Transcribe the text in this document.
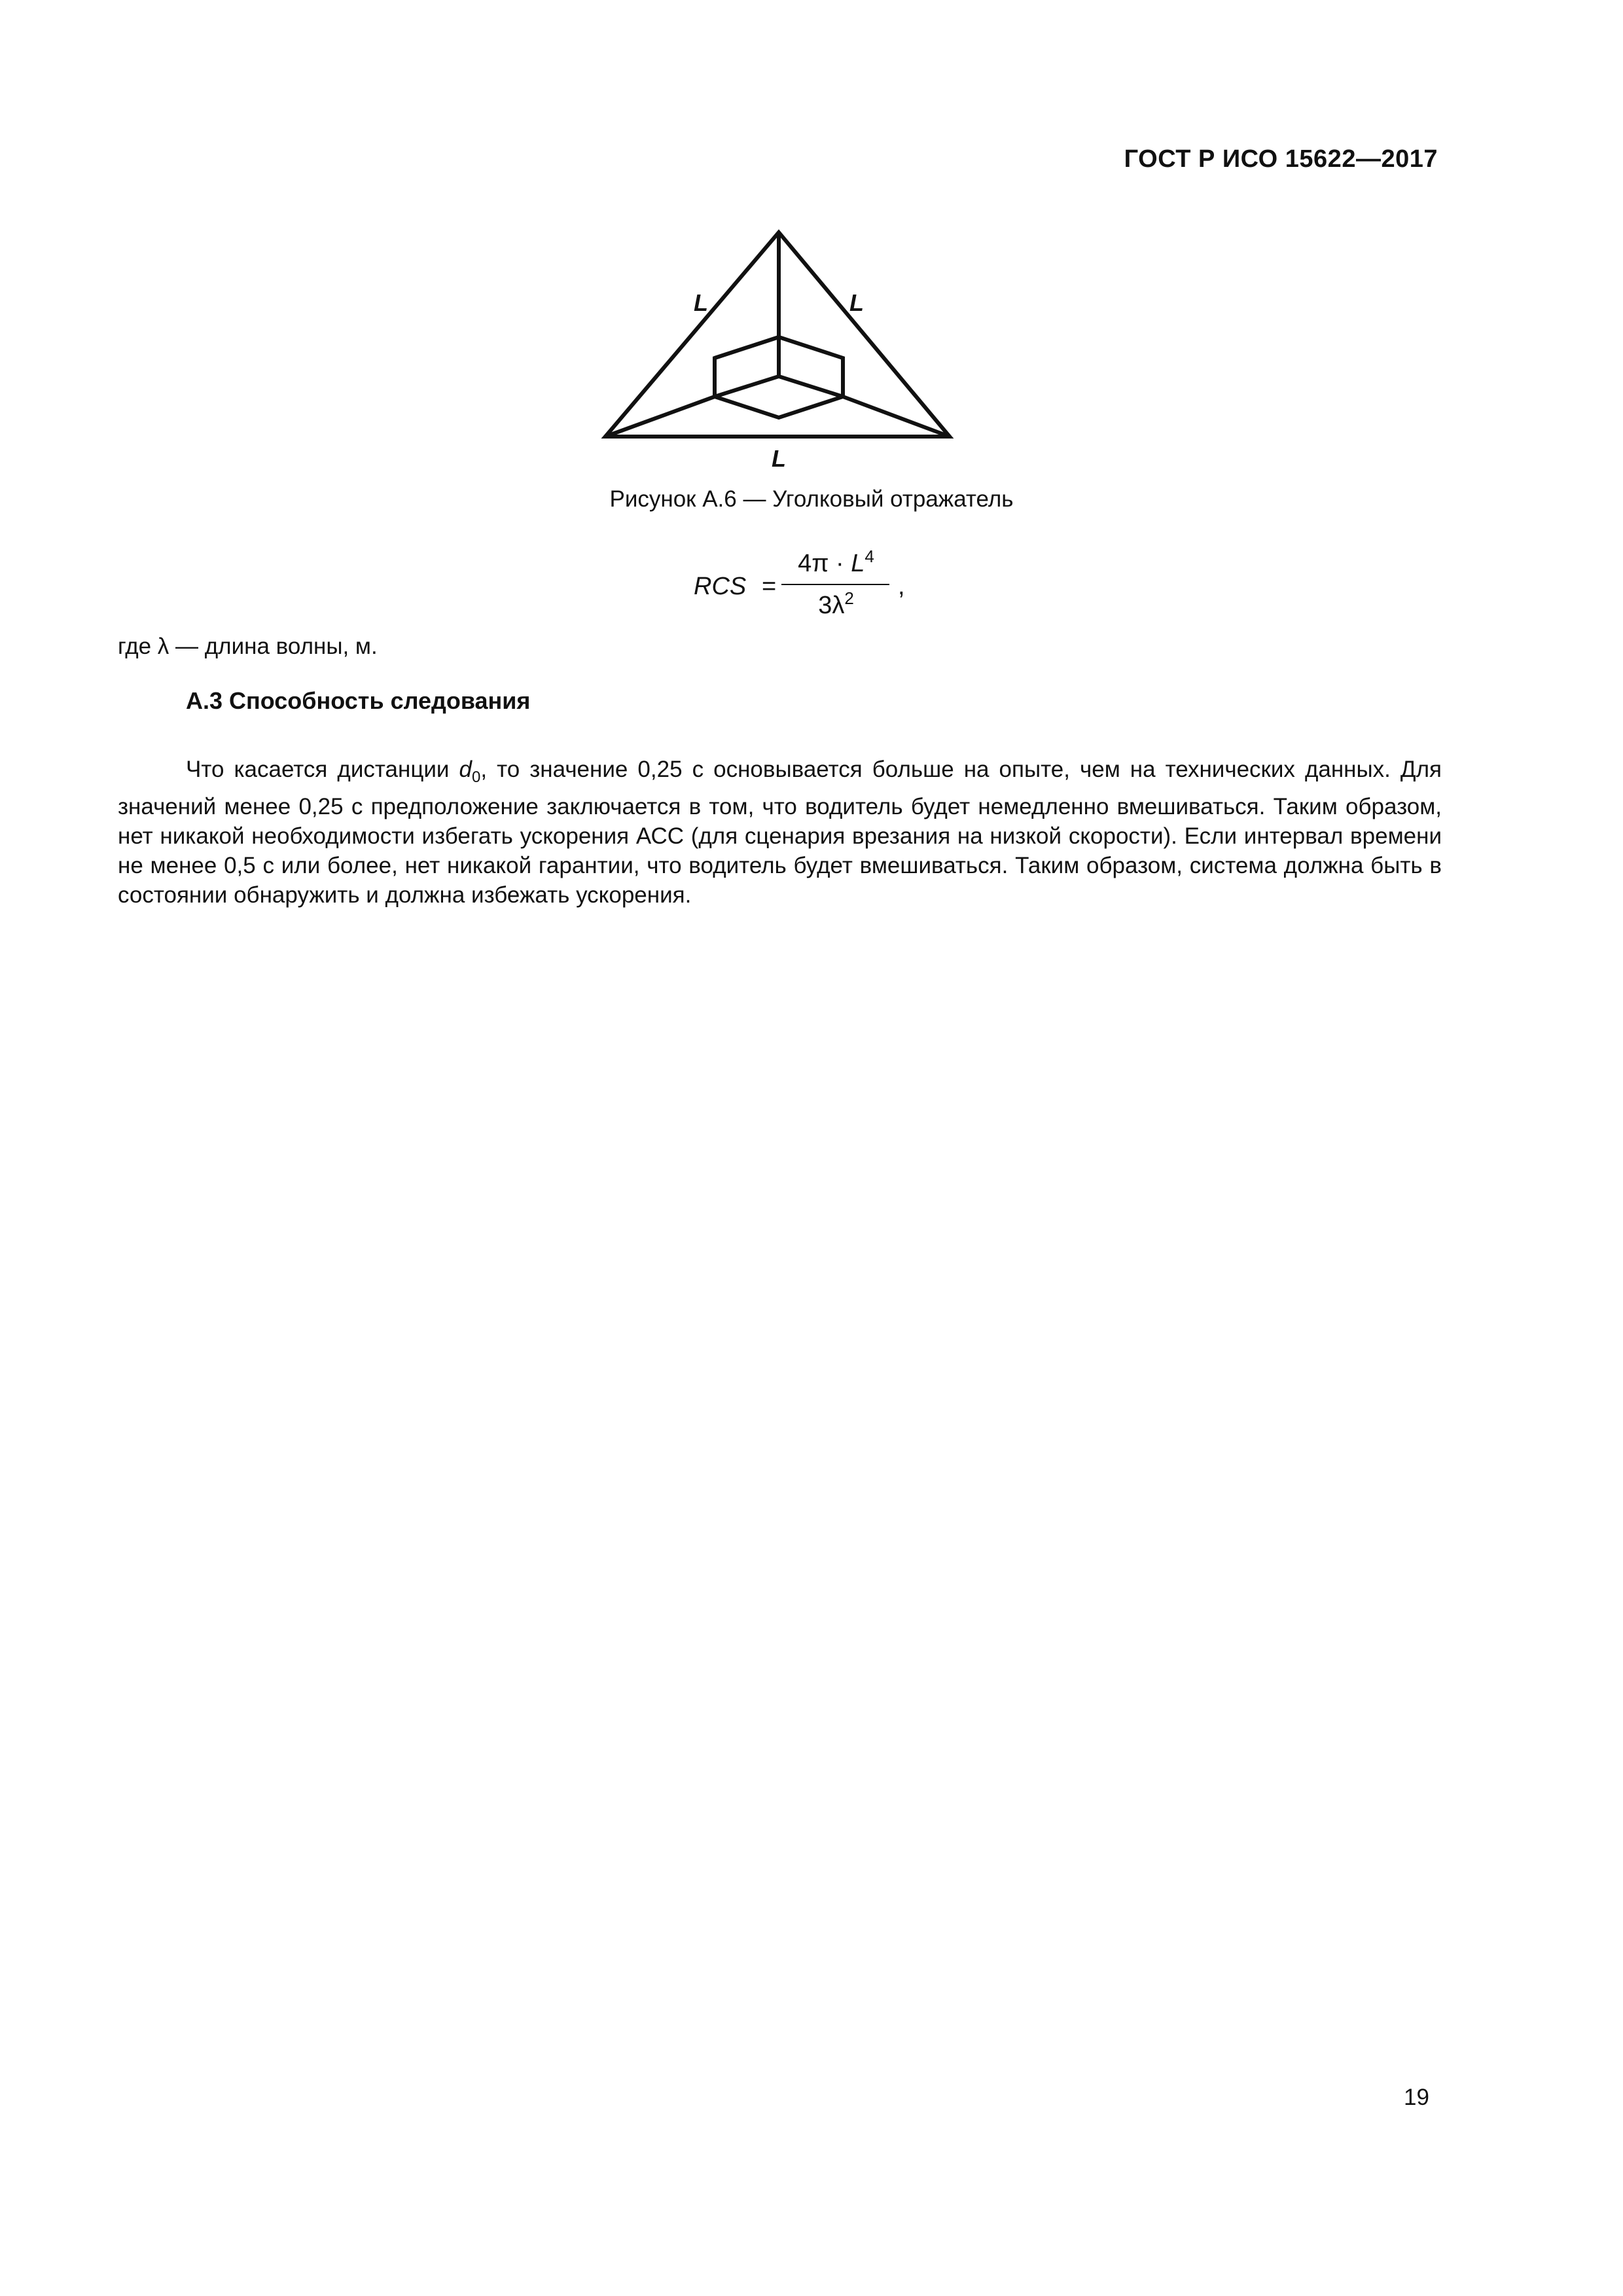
ГОСТ Р ИСО 15622—2017
L	L
L
Рисунок А.6 — Уголковый отражатель
RCS =
$4\pi \cdot L^4$
$3\lambda^2$	,
где λ — длина волны, м.
А.3 Способность следования

Что касается дистанции $d_0$, то значение 0,25 с основывается больше на опыте, чем на технических данных. Для значений менее 0,25 с предположение заключается в том, что водитель будет немедленно вмешиваться. Таким образом, нет никакой необходимости избегать ускорения АСС (для сценария врезания на низкой скорости). Если интервал времени не менее 0,5 с или более, нет никакой гарантии, что водитель будет вмешиваться. Таким образом, система должна быть в состоянии обнаружить и должна избежать ускорения.

19
